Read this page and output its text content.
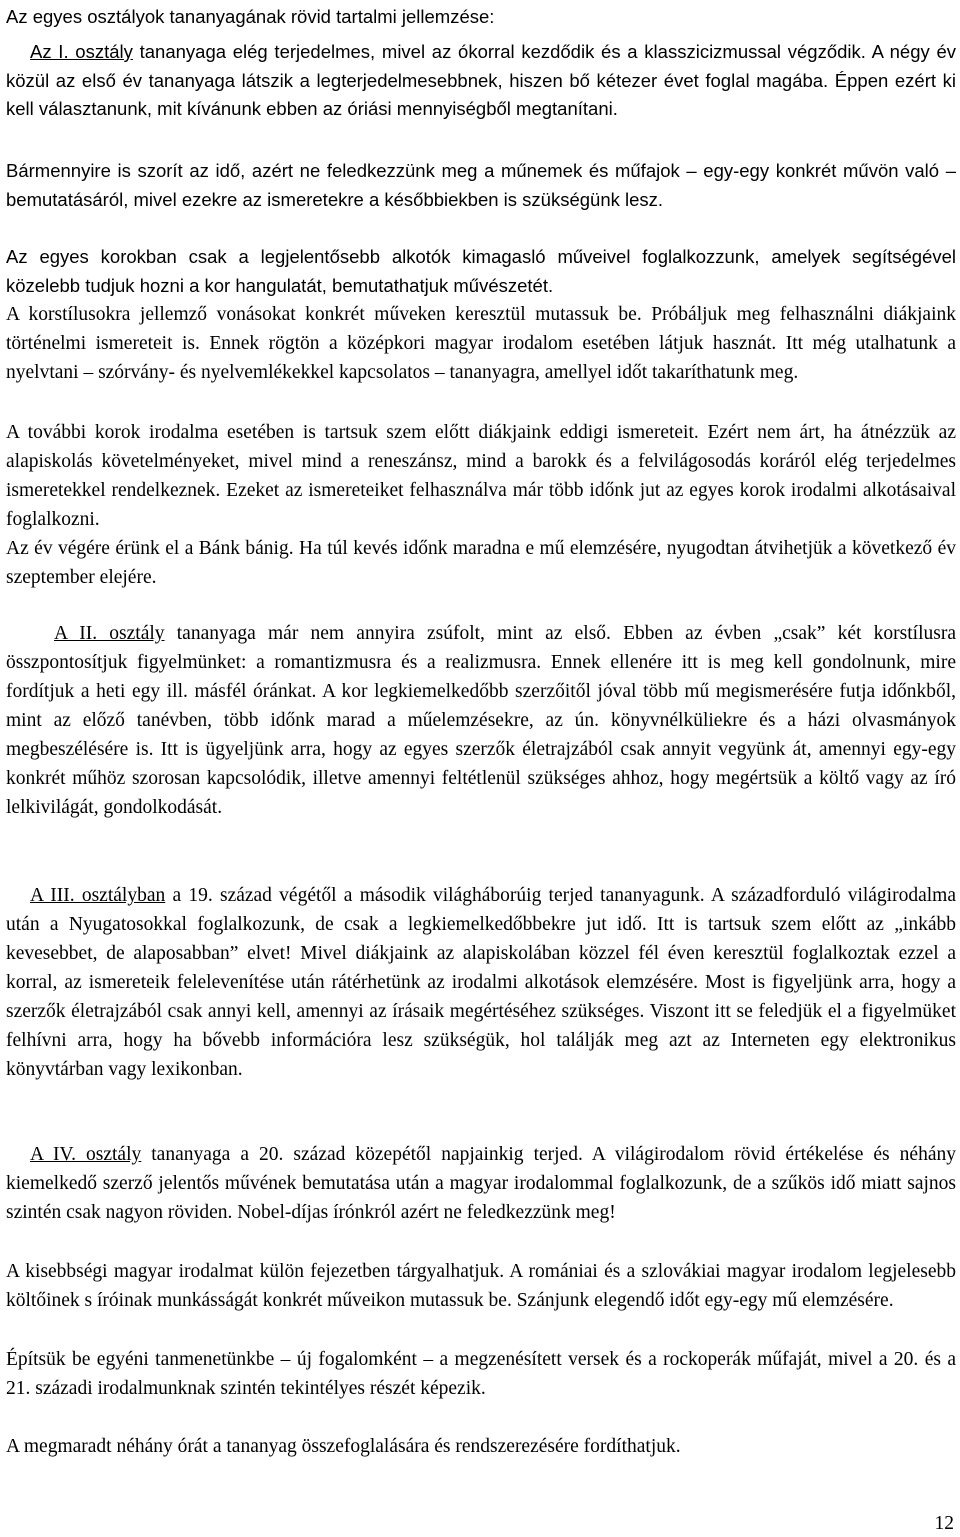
Az egyes osztályok tananyagának rövid tartalmi jellemzése:

Az I. osztály tananyaga elég terjedelmes, mivel az ókorral kezdődik és a klasszicizmussal végződik. A négy év közül az első év tananyaga látszik a legterjedelmesebbnek, hiszen bő kétezer évet foglal magába. Éppen ezért ki kell választanunk, mit kívánunk ebben az óriási mennyiségből megtanítani.

Bármennyire is szorít az idő, azért ne feledkezzünk meg a műnemek és műfajok – egy-egy konkrét művön való – bemutatásáról, mivel ezekre az ismeretekre a későbbiekben is szükségünk lesz.

Az egyes korokban csak a legjelentősebb alkotók kimagasló műveivel foglalkozzunk, amelyek segítségével közelebb tudjuk hozni a kor hangulatát, bemutathatjuk művészetét.

A korstílusokra jellemző vonásokat konkrét műveken keresztül mutassuk be. Próbáljuk meg felhasználni diákjaink történelmi ismereteit is. Ennek rögtön a középkori magyar irodalom esetében látjuk hasznát. Itt még utalhatunk a nyelvtani – szórvány- és nyelvemlékekkel kapcsolatos – tananyagra, amellyel időt takaríthatunk meg.

A további korok irodalma esetében is tartsuk szem előtt diákjaink eddigi ismereteit. Ezért nem árt, ha átnézzük az alapiskolás követelményeket, mivel mind a reneszánsz, mind a barokk és a felvilágosodás koráról elég terjedelmes ismeretekkel rendelkeznek. Ezeket az ismereteiket felhasználva már több időnk jut az egyes korok irodalmi alkotásaival foglalkozni.

Az év végére érünk el a Bánk bánig. Ha túl kevés időnk maradna e mű elemzésére, nyugodtan átvihetjük a következő év szeptember elejére.

A II. osztály tananyaga már nem annyira zsúfolt, mint az első. Ebben az évben „csak” két korstílusra összpontosítjuk figyelmünket: a romantizmusra és a realizmusra. Ennek ellenére itt is meg kell gondolnunk, mire fordítjuk a heti egy ill. másfél óránkat. A kor legkiemelkedőbb szerzőitől jóval több mű megismerésére futja időnkből, mint az előző tanévben, több időnk marad a műelemzésekre, az ún. könyvnélküliekre és a házi olvasmányok megbeszélésére is. Itt is ügyeljünk arra, hogy az egyes szerzők életrajzából csak annyit vegyünk át, amennyi egy-egy konkrét műhöz szorosan kapcsolódik, illetve amennyi feltétlenül szükséges ahhoz, hogy megértsük a költő vagy az író lelkivilágát, gondolkodását.

A III. osztályban a 19. század végétől a második világháborúig terjed tananyagunk. A századforduló világirodalma után a Nyugatosokkal foglalkozunk, de csak a legkiemelkedőbbekre jut idő. Itt is tartsuk szem előtt az „inkább kevesebbet, de alaposabban” elvet! Mivel diákjaink az alapiskolában közzel fél éven keresztül foglalkoztak ezzel a korral, az ismereteik felelevenítése után rátérhetünk az irodalmi alkotások elemzésére. Most is figyeljünk arra, hogy a szerzők életrajzából csak annyi kell, amennyi az írásaik megértéséhez szükséges. Viszont itt se feledjük el a figyelmüket felhívni arra, hogy ha bővebb információra lesz szükségük, hol találják meg azt az Interneten egy elektronikus könyvtárban vagy lexikonban.

A IV. osztály tananyaga a 20. század közepétől napjainkig terjed. A világirodalom rövid értékelése és néhány kiemelkedő szerző jelentős művének bemutatása után a magyar irodalommal foglalkozunk, de a szűkös idő miatt sajnos szintén csak nagyon röviden. Nobel-díjas írónkról azért ne feledkezzünk meg!

A kisebbségi magyar irodalmat külön fejezetben tárgyalhatjuk. A romániai és a szlovákiai magyar irodalom legjelesebb költőinek s íróinak munkásságát konkrét műveikon mutassuk be. Szánjunk elegendő időt egy-egy mű elemzésére.

Építsük be egyéni tanmenetünkbe – új fogalomként – a megzenésített versek és a rockoperák műfaját, mivel a 20. és a 21. századi irodalmunknak szintén tekintélyes részét képezik.

A megmaradt néhány órát a tananyag összefoglalására és rendszerezésére fordíthatjuk.

12
